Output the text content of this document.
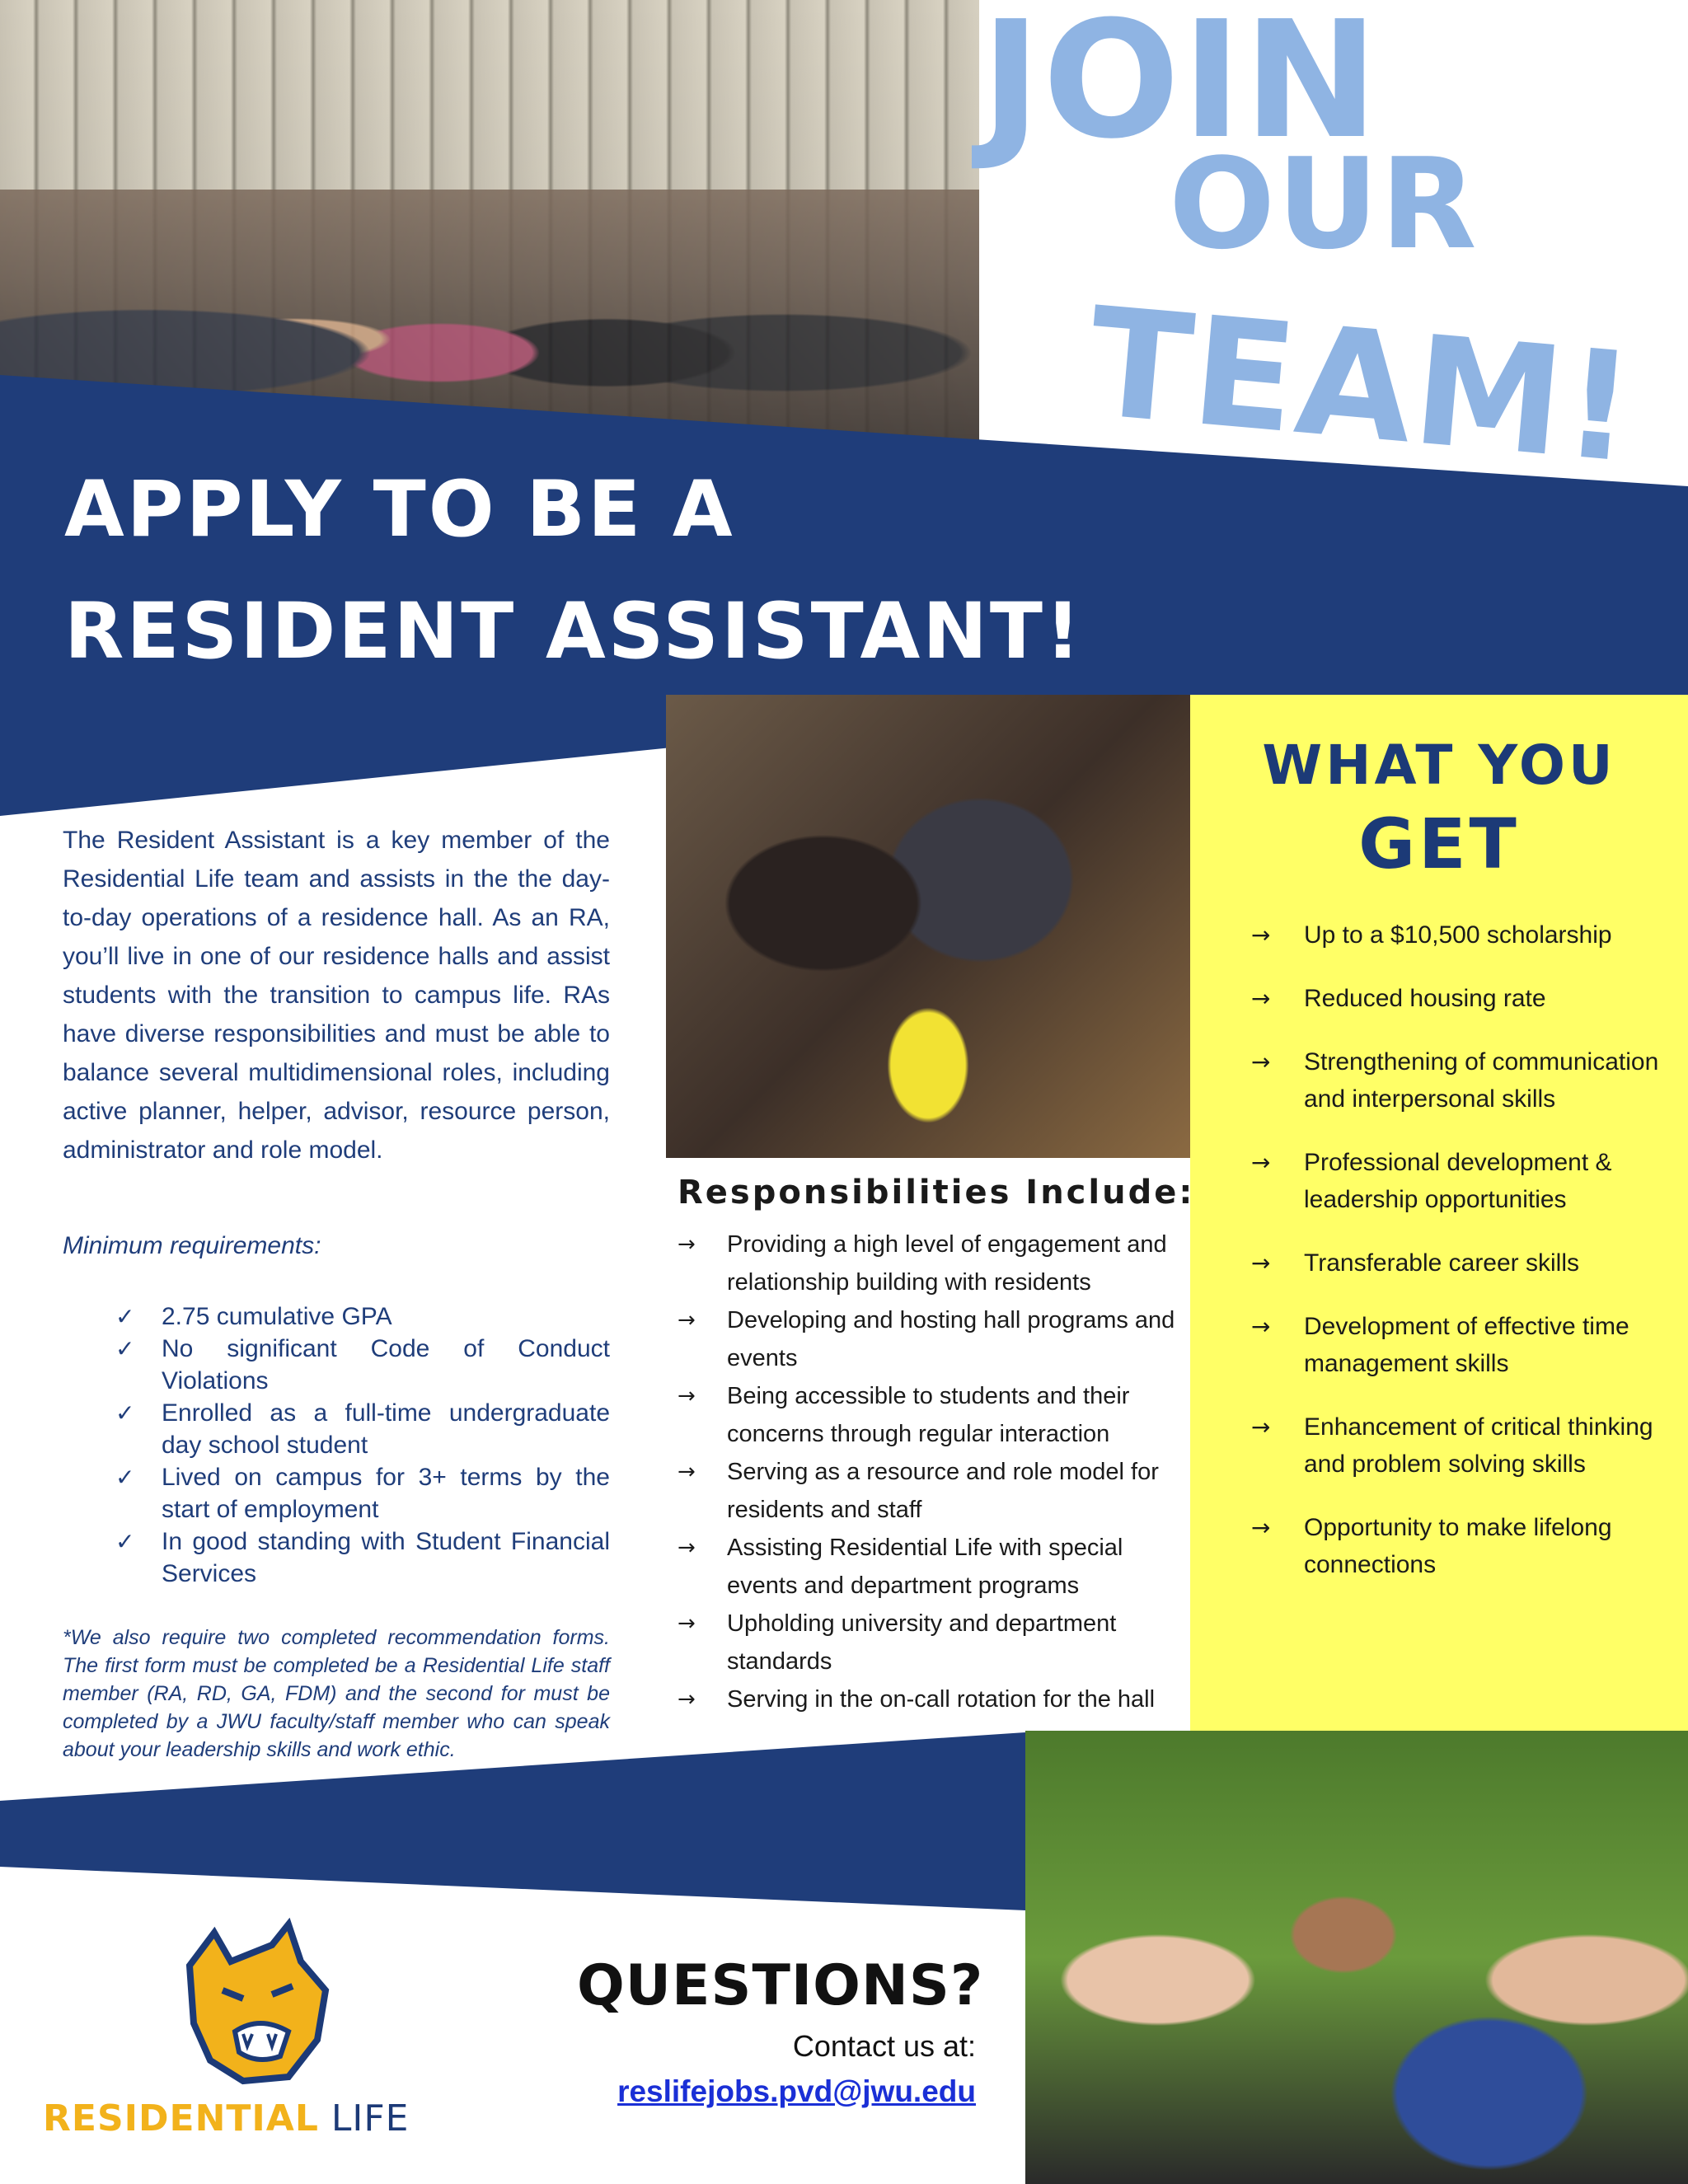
JOIN
OUR
TEAM!
APPLY TO BE A
RESIDENT ASSISTANT!

The Resident Assistant is a key member of the Residential Life team and assists in the the day-to-day operations of a residence hall. As an RA, you’ll live in one of our residence halls and assist students with the transition to campus life. RAs have diverse responsibilities and must be able to balance several multidimensional roles, including active planner, helper, advisor, resource person, administrator and role model.

Minimum requirements:

✓ 2.75 cumulative GPA
✓ No significant Code of Conduct Violations
✓ Enrolled as a full-time undergraduate day school student
✓ Lived on campus for 3+ terms by the start of employment
✓ In good standing with Student Financial Services

*We also require two completed recommendation forms. The first form must be completed be a Residential Life staff member (RA, RD, GA, FDM) and the second for must be completed by a JWU faculty/staff member who can speak about your leadership skills and work ethic.

Responsibilities Include:
→ Providing a high level of engagement and relationship building with residents
→ Developing and hosting hall programs and events
→ Being accessible to students and their concerns through regular interaction
→ Serving as a resource and role model for residents and staff
→ Assisting Residential Life with special events and department programs
→ Upholding university and department standards
→ Serving in the on-call rotation for the hall
WHAT YOU
GET
→ Up to a $10,500 scholarship
→ Reduced housing rate
→ Strengthening of communication and interpersonal skills
→ Professional development & leadership opportunities
→ Transferable career skills
→ Development of effective time management skills
→ Enhancement of critical thinking and problem solving skills
→ Opportunity to make lifelong connections

QUESTIONS?

Contact us at:

reslifejobs.pvd@jwu.edu

RESIDENTIAL LIFE
